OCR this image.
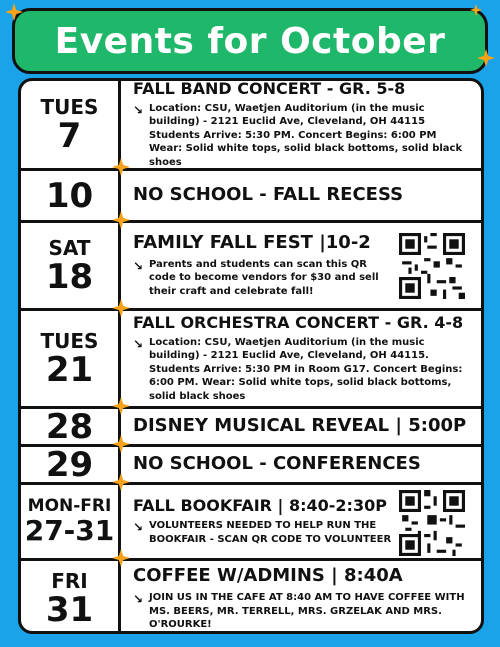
Events for October
TUES
7
FALL BAND CONCERT - GR. 5-8
↘ Location: CSU, Waetjen Auditorium (in the music building) - 2121 Euclid Ave, Cleveland, OH 44115 Students Arrive: 5:30 PM. Concert Begins: 6:00 PM Wear: Solid white tops, solid black bottoms, solid black shoes
10 NO SCHOOL - FALL RECESS
SAT
18
FAMILY FALL FEST |10-2
↘ Parents and students can scan this QR code to become vendors for $30 and sell their craft and celebrate fall!
TUES
21
FALL ORCHESTRA CONCERT - GR. 4-8
↘ Location: CSU, Waetjen Auditorium (in the music building) - 2121 Euclid Ave, Cleveland, OH 44115. Students Arrive: 5:30 PM in Room G17. Concert Begins: 6:00 PM. Wear: Solid white tops, solid black bottoms, solid black shoes
28 DISNEY MUSICAL REVEAL | 5:00P
29 NO SCHOOL - CONFERENCES
MON-FRI
27-31
FALL BOOKFAIR | 8:40-2:30P
↘ VOLUNTEERS NEEDED TO HELP RUN THE BOOKFAIR - SCAN QR CODE TO VOLUNTEER
FRI
31
COFFEE W/ADMINS | 8:40A
↘ JOIN US IN THE CAFE AT 8:40 AM TO HAVE COFFEE WITH MS. BEERS, MR. TERRELL, MRS. GRZELAK AND MRS. O'ROURKE!
